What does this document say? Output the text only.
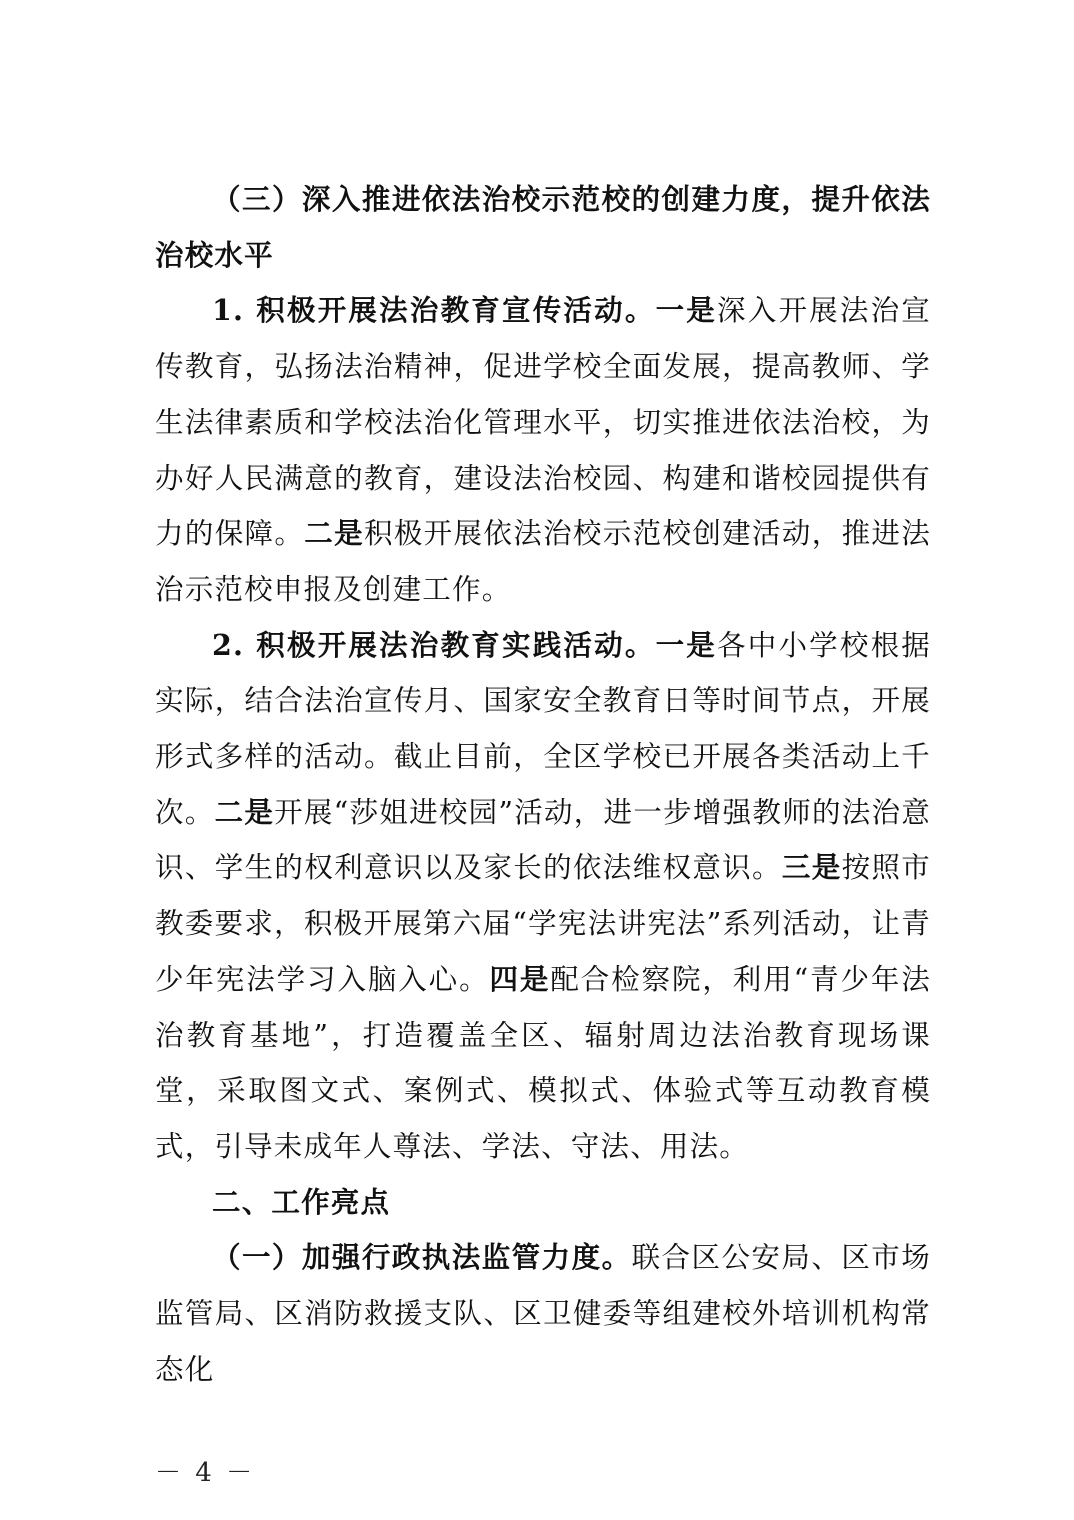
（三）深入推进依法治校示范校的创建力度，提升依法治校水平

1. 积极开展法治教育宣传活动。一是深入开展法治宣传教育，弘扬法治精神，促进学校全面发展，提高教师、学生法律素质和学校法治化管理水平，切实推进依法治校，为办好人民满意的教育，建设法治校园、构建和谐校园提供有力的保障。二是积极开展依法治校示范校创建活动，推进法治示范校申报及创建工作。

2. 积极开展法治教育实践活动。一是各中小学校根据实际，结合法治宣传月、国家安全教育日等时间节点，开展形式多样的活动。截止目前，全区学校已开展各类活动上千次。二是开展“莎姐进校园”活动，进一步增强教师的法治意识、学生的权利意识以及家长的依法维权意识。三是按照市教委要求，积极开展第六届“学宪法讲宪法”系列活动，让青少年宪法学习入脑入心。四是配合检察院，利用“青少年法治教育基地”，打造覆盖全区、辐射周边法治教育现场课堂，采取图文式、案例式、模拟式、体验式等互动教育模式，引导未成年人尊法、学法、守法、用法。

二、工作亮点

（一）加强行政执法监管力度。联合区公安局、区市场监管局、区消防救援支队、区卫健委等组建校外培训机构常态化

－ 4 －
